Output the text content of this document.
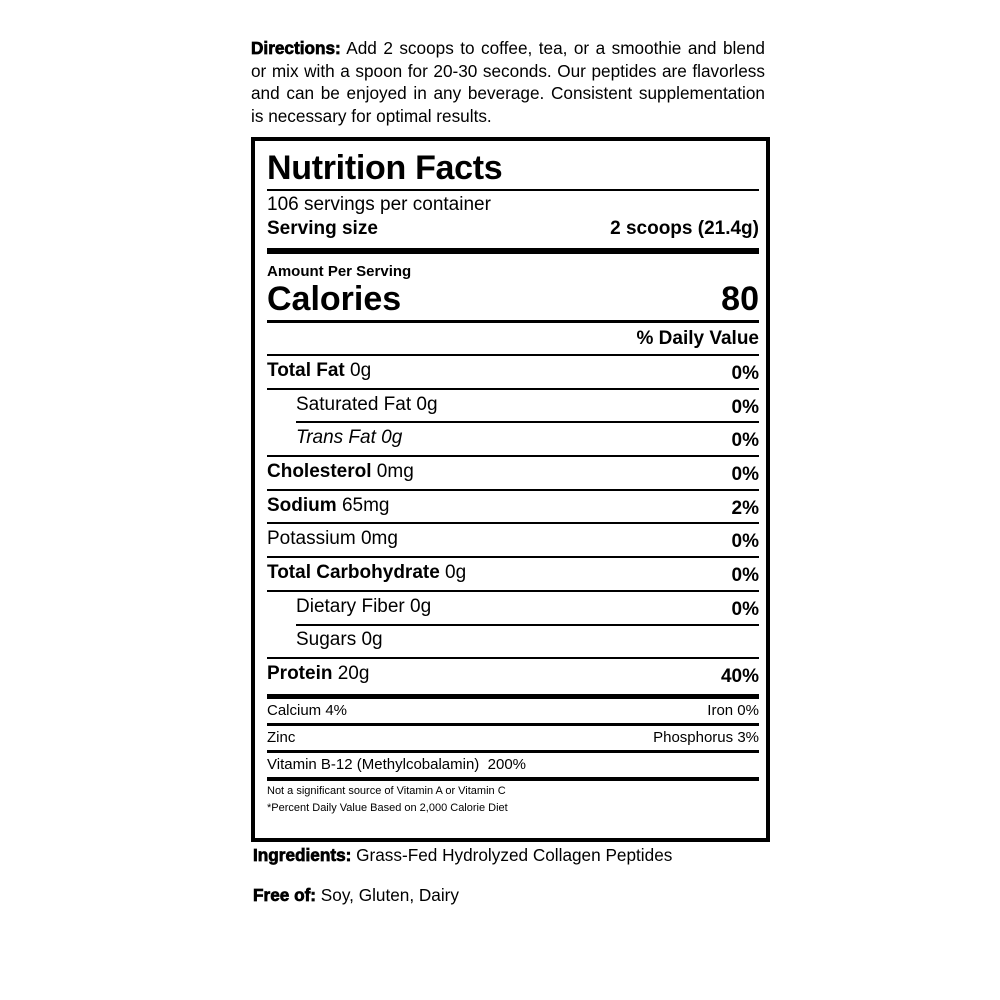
Directions: Add 2 scoops to coffee, tea, or a smoothie and blend or mix with a spoon for 20-30 seconds. Our peptides are flavorless and can be enjoyed in any beverage. Consistent supplementation is necessary for optimal results.
Nutrition Facts
106 servings per container
Serving size	2 scoops (21.4g)
Amount Per Serving
Calories	80
% Daily Value
Total Fat 0g	0%
Saturated Fat 0g	0%
Trans Fat 0g	0%
Cholesterol 0mg	0%
Sodium 65mg	2%
Potassium 0mg	0%
Total Carbohydrate 0g	0%
Dietary Fiber 0g	0%
Sugars 0g
Protein 20g	40%
Calcium 4%	Iron 0%
Zinc	Phosphorus 3%
Vitamin B-12 (Methylcobalamin)  200%
Not a significant source of Vitamin A or Vitamin C
*Percent Daily Value Based on 2,000 Calorie Diet
Ingredients: Grass-Fed Hydrolyzed Collagen Peptides
Free of: Soy, Gluten, Dairy
